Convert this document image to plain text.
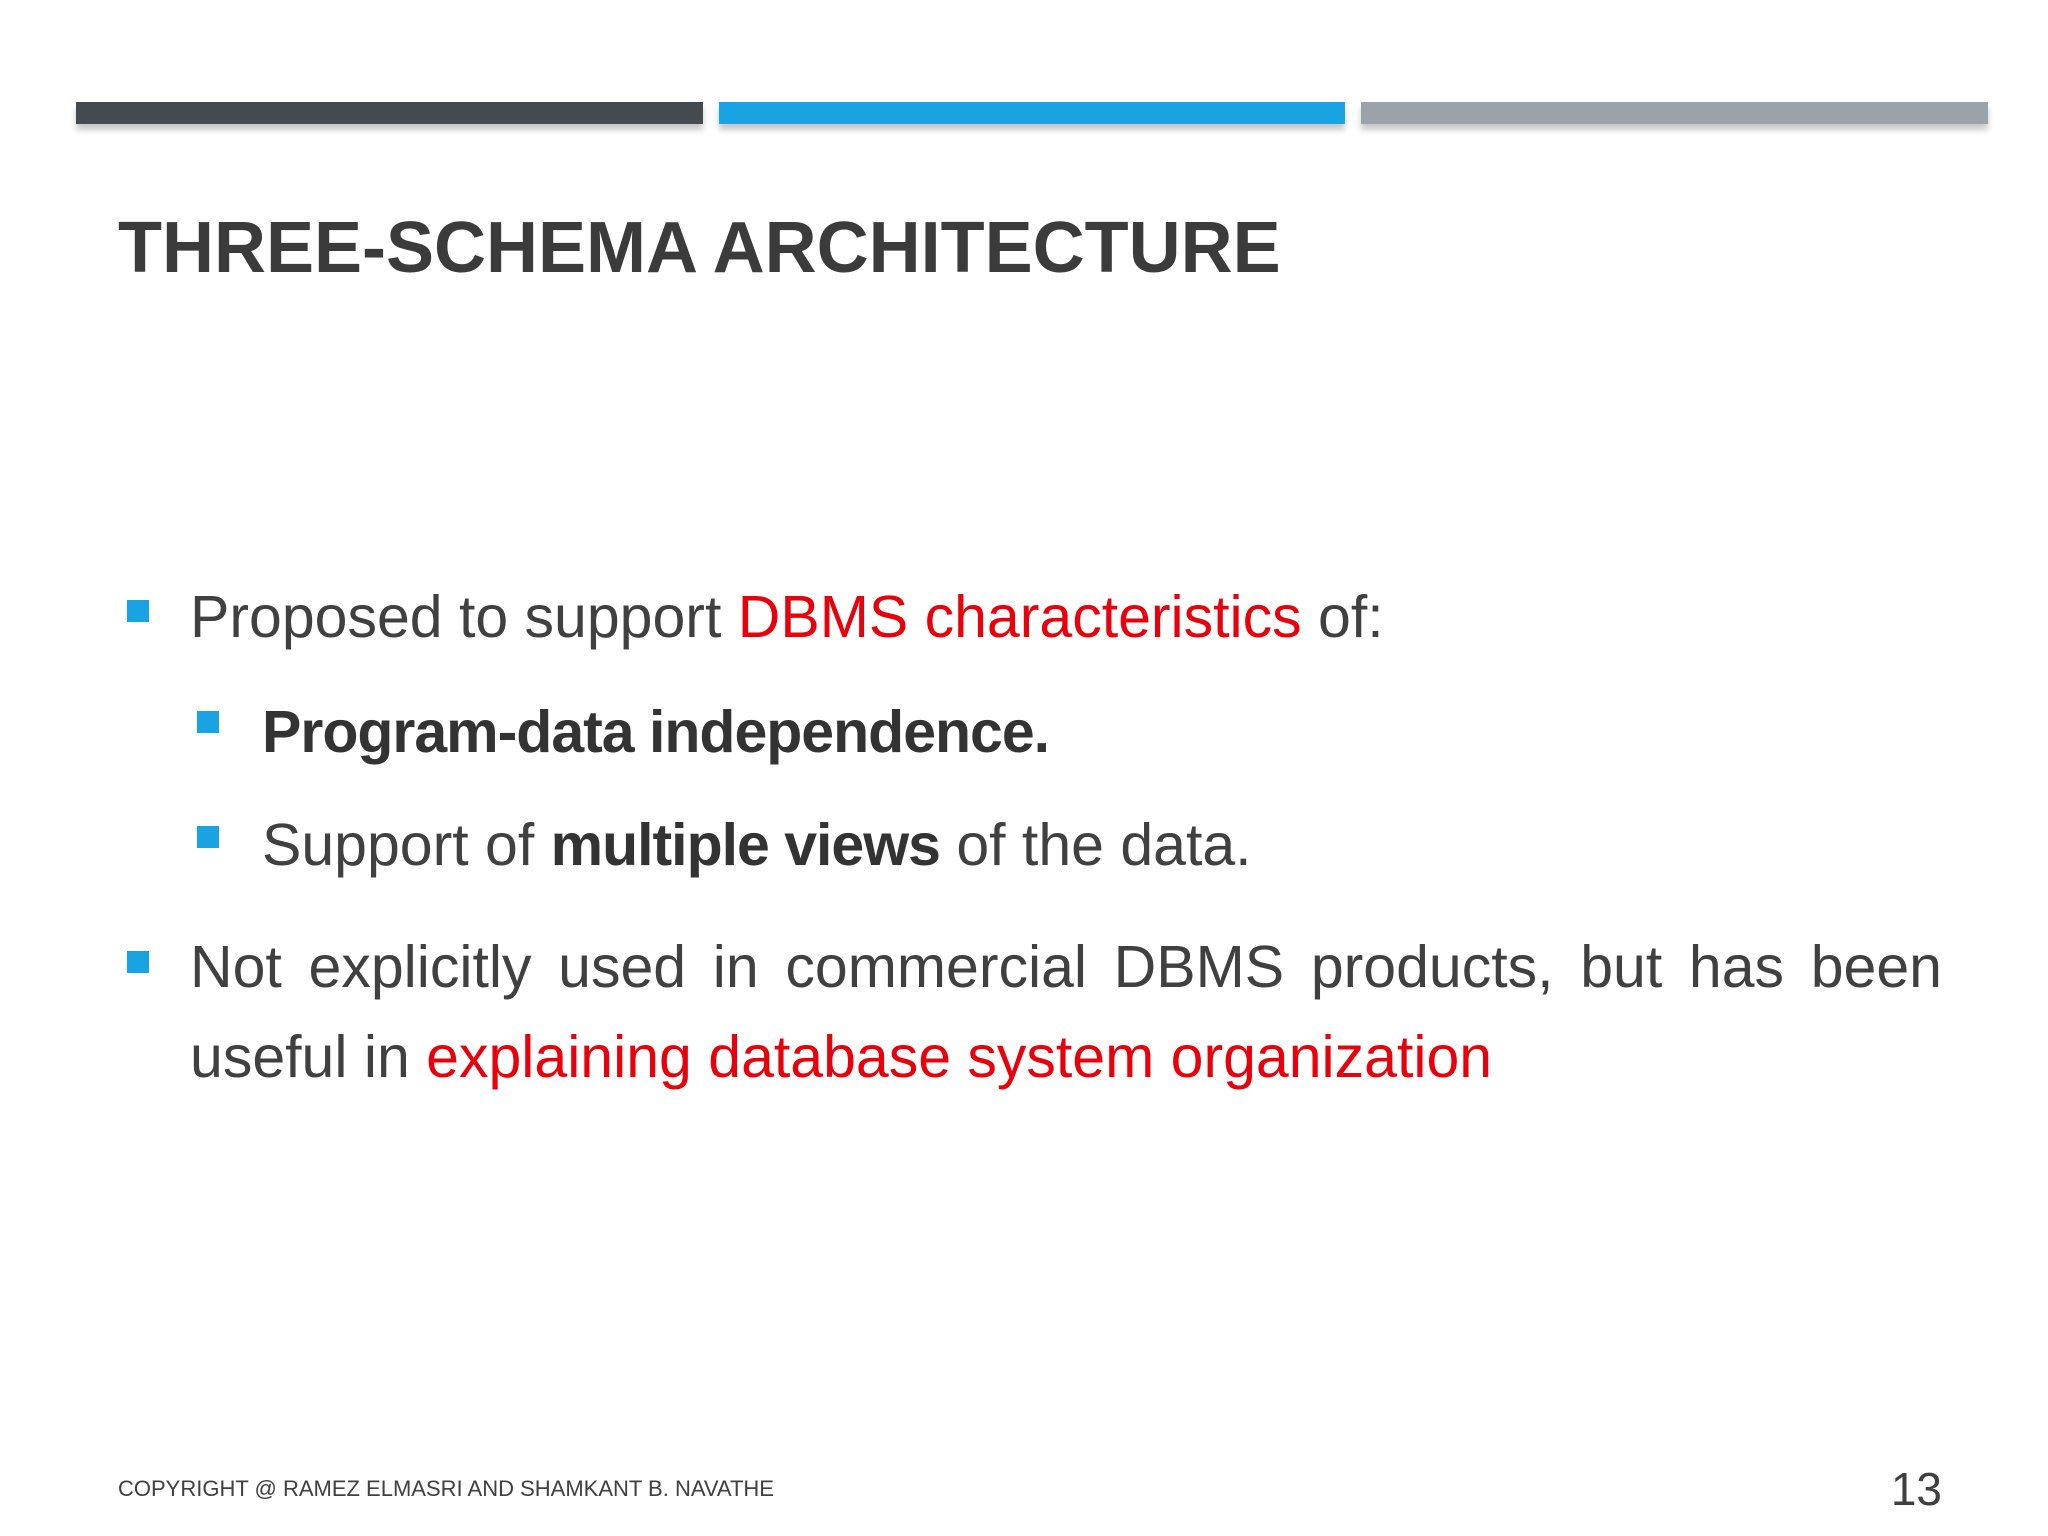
THREE-SCHEMA ARCHITECTURE
Proposed to support DBMS characteristics of:
Program-data independence.
Support of multiple views of the data.
Not explicitly used in commercial DBMS products, but has been useful in explaining database system organization
COPYRIGHT @ RAMEZ ELMASRI AND SHAMKANT B. NAVATHE	13
